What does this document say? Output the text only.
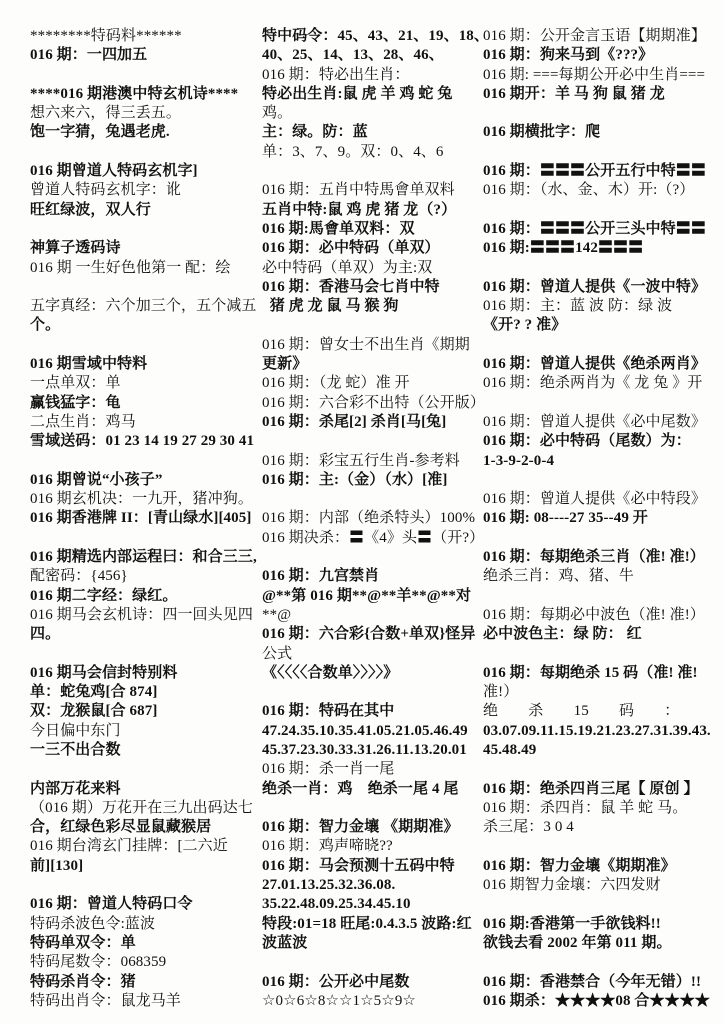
********特码料******
016 期：一四加五

****016 期港澳中特玄机诗****
想六来六，得三丢五。
饱一字猜，兔遇老虎.

016 期曾道人特码玄机字]
曾道人特码玄机字：讹
旺红绿波，双人行

神算子透码诗
016 期 一生好色他第一 配：绘

五字真经：六个加三个，五个减五
个。

016 期雪域中特料
一点单双：单
赢钱猛字：龟
二点生肖：鸡马
雪域送码：01 23 14 19 27 29 30 41

016 期曾说“小孩子”
016 期玄机决：一九开，猪冲狗。
016 期香港牌 II：[青山绿水][405]

016 期精选内部运程曰：和合三三,
配密码：{456}
016 期二字经：绿红。
016 期马会玄机诗：四一回头见四
四。

016 期马会信封特别料
单：蛇兔鸡[合 874]
双：龙猴鼠[合 687]
今日偏中东门
一三不出合数

内部万花来料
（016 期）万花开在三九出码达七
合，红绿色彩尽显鼠藏猴居
016 期台湾玄门挂牌：[二六近
前][130]

016 期：曾道人特码口令
特码杀波色令:蓝波
特码单双令：单
特码尾数令：068359
特码杀肖令：猪
特码出肖令：鼠龙马羊
特中码令：45、43、21、19、18、
40、25、14、13、28、46、
016 期：特必出生肖：
特必出生肖:鼠 虎 羊 鸡 蛇 兔
鸡。
主：绿。防：蓝
单：3、7、9。双：0、4、6

016 期：五肖中特馬會单双料
五肖中特:鼠 鸡 虎 猪 龙（?）
016 期:馬會单双料：双
016 期：必中特码（单双）
必中特码（单双）为主:双
016 期：香港马会七肖中特
猪 虎 龙 鼠 马 猴 狗

016 期：曾女士不出生肖《期期
更新》
016 期：（龙 蛇）准 开
016 期：六合彩不出特（公开版）
016 期：杀尾[2] 杀肖[马[兔]

016 期：彩宝五行生肖-参考料
016 期：主:（金）（水）[准]

016 期：内部（绝杀特头）100%
016 期决杀：〓《4》头〓（开?）

016 期：九宫禁肖
@**第 016 期**@**羊**@**对
**@
016 期：六合彩{合数+单双}怪异
公式
《〈〈〈〈合数单〉〉〉〉》

016 期：特码在其中
47.24.35.10.35.41.05.21.05.46.49
45.37.23.30.33.31.26.11.13.20.01
016 期：杀一肖一尾
绝杀一肖：鸡　绝杀一尾 4 尾

016 期：智力金壤 《期期准》
016 期：鸡声啼晓??
016 期：马会预测十五码中特
27.01.13.25.32.36.08.
35.22.48.09.25.34.45.10
特段:01=18 旺尾:0.4.3.5 波路:红
波蓝波

016 期：公开必中尾数
☆0☆6☆8☆☆1☆5☆9☆
016 期：公开金言玉语【期期准】
016 期：狗来马到《???》
016 期: ===每期公开必中生肖===
016 期开：羊 马 狗 鼠 猪 龙

016 期横批字：爬

016 期：〓〓〓公开五行中特〓〓
016 期：（水、金、木）开:（?）

016 期：〓〓〓公开三头中特〓〓
016 期:〓〓〓142〓〓〓

016 期：曾道人提供《一波中特》
016 期：主：蓝 波 防：绿 波
《开? ? 准》

016 期：曾道人提供《绝杀两肖》
016 期：绝杀两肖为《 龙 兔 》开

016 期：曾道人提供《必中尾数》
016 期：必中特码（尾数）为：
1-3-9-2-0-4

016 期：曾道人提供《必中特段》
016 期: 08----27 35--49 开

016 期：每期绝杀三肖（准! 准!）
绝杀三肖：鸡、猪、牛

016 期：每期必中波色（准! 准!）
必中波色主：绿 防： 红

016 期：每期绝杀 15 码（准! 准!
准!）
绝　　杀　　15　　码　　：
03.07.09.11.15.19.21.23.27.31.39.43.
45.48.49

016 期：绝杀四肖三尾【 原创 】
016 期：杀四肖：鼠 羊 蛇 马。
杀三尾：3 0 4

016 期：智力金壤《期期准》
016 期智力金壤：六四发财

016 期:香港第一手欲钱料!!
欲钱去看 2002 年第 011 期。

016 期：香港禁合（今年无错）!!
016 期杀：★★★★08 合★★★★
